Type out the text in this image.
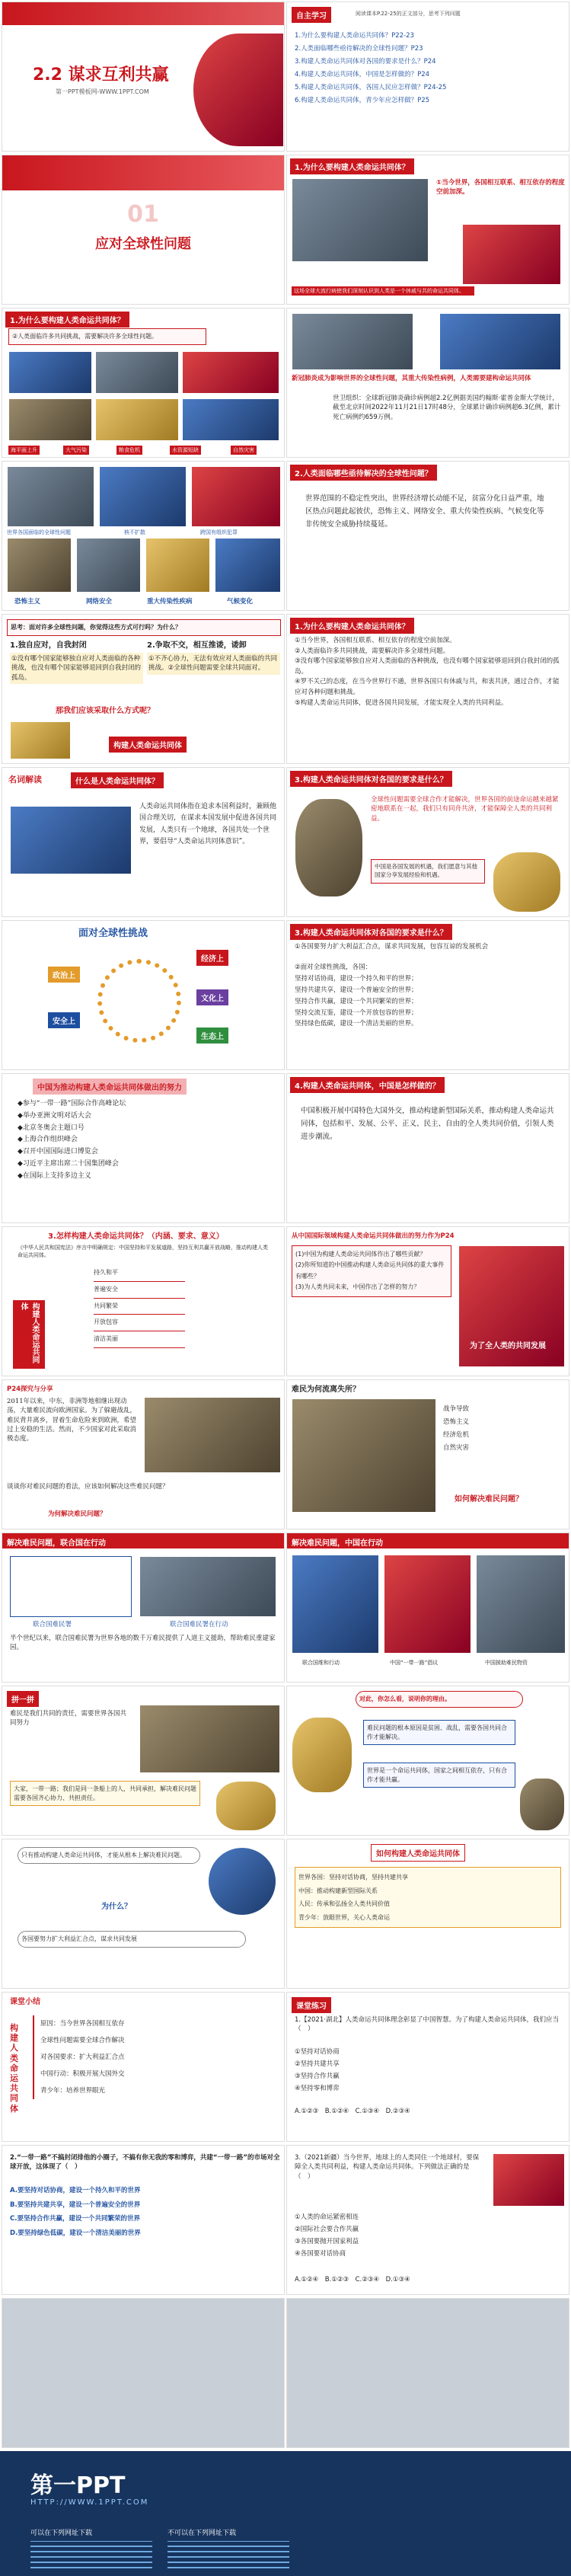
2.2 谋求互利共赢
第一PPT模板网-WWW.1PPT.COM
自主学习	阅读课本P.22-25的正文部分，思考下列问题
1.为什么要构建人类命运共同体？P22-23
2.人类面临哪些亟待解决的全球性问题？P23
3.构建人类命运共同体对各国的要求是什么？P24
4.构建人类命运共同体，中国是怎样做的？P24
5.构建人类命运共同体，各国人民应怎样做？P24-25
6.构建人类命运共同体，青少年应怎样做？P25
01
应对全球性问题
1.为什么要构建人类命运共同体？
①当今世界，各国相互联系、相互依存的程度空前加深。
这场全球大流行病使我们深刻认识到人类是一个休戚与共的命运共同体。
1.为什么要构建人类命运共同体？
②人类面临许多共同挑战，需要解决许多全球性问题。
海平面上升	大气污染	粮食危机	水资源短缺	自然灾害
新冠肺炎成为影响世界的全球性问题，其重大传染性病例，人类需要建构命运共同体
世卫组织：全球新冠肺炎确诊病例超2.2亿例据美国约翰斯·霍普金斯大学统计，截至北京时间2022年11月21日17时48分，全球累计确诊病例超6.3亿例，累计死亡病例约659万例。
世界各国面临的全球性问题	核不扩散	跨国有组织犯罪
恐怖主义	网络安全	重大传染性疾病	气候变化
2.人类面临哪些亟待解决的全球性问题？
世界范围的不稳定性突出，世界经济增长动能不足，贫富分化日益严重，地区热点问题此起彼伏，恐怖主义、网络安全、重大传染性疾病、气候变化等非传统安全威胁持续蔓延。
思考：面对许多全球性问题，你觉得这些方式可行吗？为什么？
1.独自应对，自我封闭
①没有哪个国家能够独自应对人类面临的各种挑战，也没有哪个国家能够退回到自我封闭的孤岛。
2.争取不交，相互推诿，诿卸
①不齐心协力，无法有效应对人类面临的共同挑战。②全球性问题需要全球共同面对。
那我们应该采取什么方式呢？
构建人类命运共同体
1.为什么要构建人类命运共同体？
①当今世界，各国相互联系、相互依存的程度空前加深。
②人类面临许多共同挑战，需要解决许多全球性问题。
③没有哪个国家能够独自应对人类面临的各种挑战，也没有哪个国家能够退回到自我封闭的孤岛。
④罗不关己的态度，在当今世界行不通，世界各国只有休戚与共，和衷共济，通过合作，才能应对各种问题和挑战。
⑤构建人类命运共同体，促进各国共同发展，才能实现全人类的共同利益。
名词解读	什么是人类命运共同体？
人类命运共同体指在追求本国利益时，兼顾他国合理关切，在谋求本国发展中促进各国共同发展，人类只有一个地球，各国共处一个世界，要倡导“人类命运共同体意识”。
3.构建人类命运共同体对各国的要求是什么？
全球性问题需要全球合作才能解决，世界各国的前途命运越来越紧密地联系在一起，我们只有同舟共济，才能保障全人类的共同利益。
中国是各国发展的机遇，我们愿意与其他国家分享发展经验和机遇。
面对全球性挑战
经济上
文化上
生态上
安全上
政治上
3.构建人类命运共同体对各国的要求是什么？
①各国要努力扩大利益汇合点，谋求共同发展，包容互谅的发展机会
②面对全球性挑战，各国：
坚持对话协商，建设一个持久和平的世界；
坚持共建共享，建设一个普遍安全的世界；
坚持合作共赢，建设一个共同繁荣的世界；
坚持交流互鉴，建设一个开放包容的世界；
坚持绿色低碳，建设一个清洁美丽的世界。
中国为推动构建人类命运共同体做出的努力
◆参与“一带一路”国际合作高峰论坛
◆举办亚洲文明对话大会
◆北京冬奥会主题口号
◆上海合作组织峰会
◆召开中国国际进口博览会
◆习近平主席出席二十国集团峰会
◆在国际上支持多边主义
4.构建人类命运共同体，中国是怎样做的？
中国积极开展中国特色大国外交，推动构建新型国际关系，推动构建人类命运共同体，包括和平、发展、公平、正义、民主、自由的全人类共同价值，引领人类进步潮流。
3.怎样构建人类命运共同体？（内涵、要求、意义）
《中华人民共和国宪法》序言中明确规定：中国坚持和平发展道路，坚持互利共赢开放战略，推动构建人类命运共同体。
构建人类命运共同体
持久和平
普遍安全
共同繁荣
开放包容
清洁美丽
从中国国际领域构建人类命运共同体做出的努力作为P24
(1)中国为构建人类命运共同体作出了哪些贡献？
(2)你所知道的中国推动构建人类命运共同体的重大事件有哪些？
(3)为人类共同未来，中国作出了怎样的努力？
为了全人类的共同发展
P24探究与分享
2011年以来，中东，非洲等地相继出现动荡，大量难民流向欧洲国家。为了躲避战乱，难民背井离乡，冒着生命危险来到欧洲，希望过上安稳的生活。然而，不少国家对此采取消极态度。
谈谈你对难民问题的看法，应该如何解决这些难民问题？
为何解决难民问题？
难民为何流离失所？
战争导致
恐怖主义
经济危机
自然灾害
如何解决难民问题？
解决难民问题，联合国在行动
联合国难民署	联合国难民署在行动
半个世纪以来，联合国难民署为世界各地的数千万难民提供了人道主义援助，帮助难民重建家园。
解决难民问题，中国在行动
联合国维和行动	中国“一带一路”倡议	中国援助难民物资
拼一拼
难民是我们共同的责任，需要世界各国共同努力
大家，一带一路；我们是同一条船上的人，共同承担，解决难民问题需要各国齐心协力、共担责任。
对此，你怎么看，说明你的理由。
难民问题的根本原因是贫困、战乱，需要各国共同合作才能解决。
世界是一个命运共同体，国家之间相互依存，只有合作才能共赢。
只有推动构建人类命运共同体，才能从根本上解决难民问题。
为什么？
各国要努力扩大利益汇合点，谋求共同发展
如何构建人类命运共同体
世界各国：坚持对话协商，坚持共建共享
中国：推动构建新型国际关系
人民：传承和弘扬全人类共同价值
青少年：放眼世界，关心人类命运
课堂小结
构建人类命运共同体
原因：当今世界各国相互依存
全球性问题需要全球合作解决
对各国要求：扩大利益汇合点
中国行动：积极开展大国外交
青少年：培养世界眼光
课堂练习
1.【2021·湖北】人类命运共同体理念彰显了中国智慧。为了构建人类命运共同体，我们应当（　）
①坚持对话协商
②坚持共建共享
③坚持合作共赢
④坚持零和博弈
A.①②③　B.①②④　C.①③④　D.②③④
2.“一带一路”不搞封闭排他的小圈子，不搞有你无我的零和博弈，共建“一带一路”的市场对全球开放，这体现了（　）
A.要坚持对话协商，建设一个持久和平的世界
B.要坚持共建共享，建设一个普遍安全的世界
C.要坚持合作共赢，建设一个共同繁荣的世界
D.要坚持绿色低碳，建设一个清洁美丽的世界
3.（2021新疆）当今世界，地球上的人类同住一个地球村，要保障全人类共同利益，构建人类命运共同体。下列做法正确的是（　）
①人类的命运紧密相连
②国际社会要合作共赢
③各国要抛开国家利益
④各国要对话协商
A.①②④　B.①②③　C.②③④　D.①③④
第一PPT
HTTP://WWW.1PPT.COM
可以在下列网址下载	不可以在下列网址下载
